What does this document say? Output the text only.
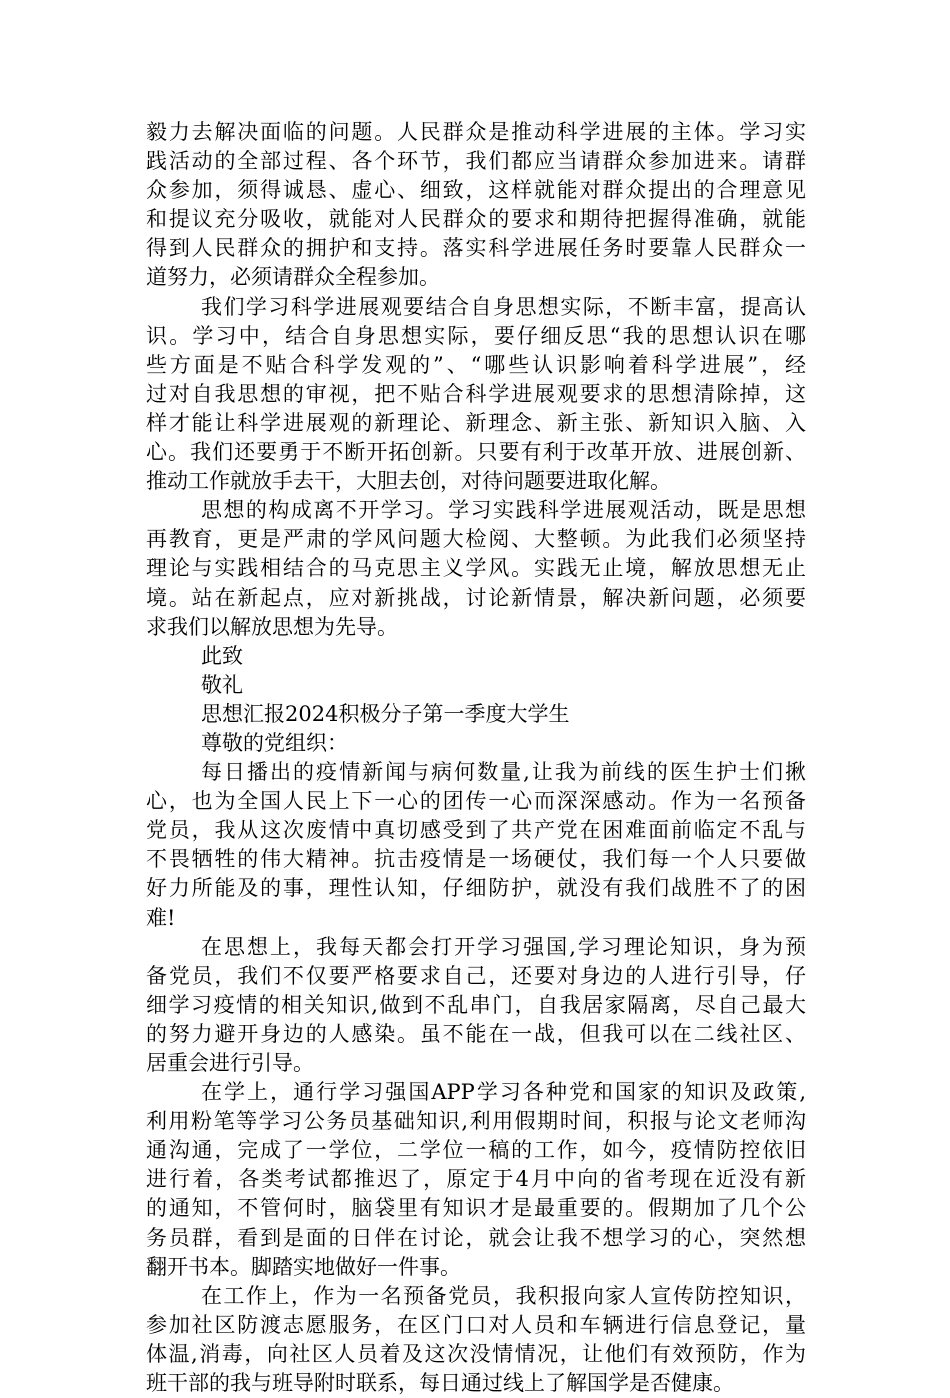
毅力去解决面临的问题。人民群众是推动科学进展的主体。学习实
践活动的全部过程、各个环节，我们都应当请群众参加进来。请群
众参加，须得诚恳、虚心、细致，这样就能对群众提出的合理意见
和提议充分吸收，就能对人民群众的要求和期待把握得准确，就能
得到人民群众的拥护和支持。落实科学进展任务时要靠人民群众一
道努力，必须请群众全程参加。
我们学习科学进展观要结合自身思想实际，不断丰富，提高认
识。学习中，结合自身思想实际，要仔细反思“我的思想认识在哪
些方面是不贴合科学发观的”、“哪些认识影响着科学进展”，经
过对自我思想的审视，把不贴合科学进展观要求的思想清除掉，这
样才能让科学进展观的新理论、新理念、新主张、新知识入脑、入
心。我们还要勇于不断开拓创新。只要有利于改革开放、进展创新、
推动工作就放手去干，大胆去创，对待问题要进取化解。
思想的构成离不开学习。学习实践科学进展观活动，既是思想
再教育，更是严肃的学风问题大检阅、大整顿。为此我们必须坚持
理论与实践相结合的马克思主义学风。实践无止境，解放思想无止
境。站在新起点，应对新挑战，讨论新情景，解决新问题，必须要
求我们以解放思想为先导。
此致
敬礼
思想汇报2024积极分子第一季度大学生
尊敬的党组织：
每日播出的疫情新闻与病何数量,让我为前线的医生护士们揪
心，也为全国人民上下一心的团传一心而深深感动。作为一名预备
党员，我从这次废情中真切感受到了共产党在困难面前临定不乱与
不畏牺牲的伟大精神。抗击疫情是一场硬仗，我们每一个人只要做
好力所能及的事，理性认知，仔细防护，就没有我们战胜不了的困
难!
在思想上，我每天都会打开学习强国,学习理论知识，身为预
备党员，我们不仅要严格要求自己，还要对身边的人进行引导，仔
细学习疫情的相关知识,做到不乱串门，自我居家隔离，尽自己最大
的努力避开身边的人感染。虽不能在一战，但我可以在二线社区、
居重会进行引导。
在学上，通行学习强国APP学习各种党和国家的知识及政策,
利用粉笔等学习公务员基础知识,利用假期时间，积报与论文老师沟
通沟通，完成了一学位，二学位一稿的工作，如今，疫情防控依旧
进行着，各类考试都推迟了，原定于4月中向的省考现在近没有新
的通知，不管何时，脑袋里有知识才是最重要的。假期加了几个公
务员群，看到是面的日伴在讨论，就会让我不想学习的心，突然想
翻开书本。脚踏实地做好一件事。
在工作上，作为一名预备党员，我积报向家人宣传防控知识，
参加社区防渡志愿服务，在区门口对人员和车辆进行信息登记，量
体温,消毒，向社区人员着及这次没情情况，让他们有效预防，作为
班干部的我与班导附时联系，每日通过线上了解国学是否健康。
